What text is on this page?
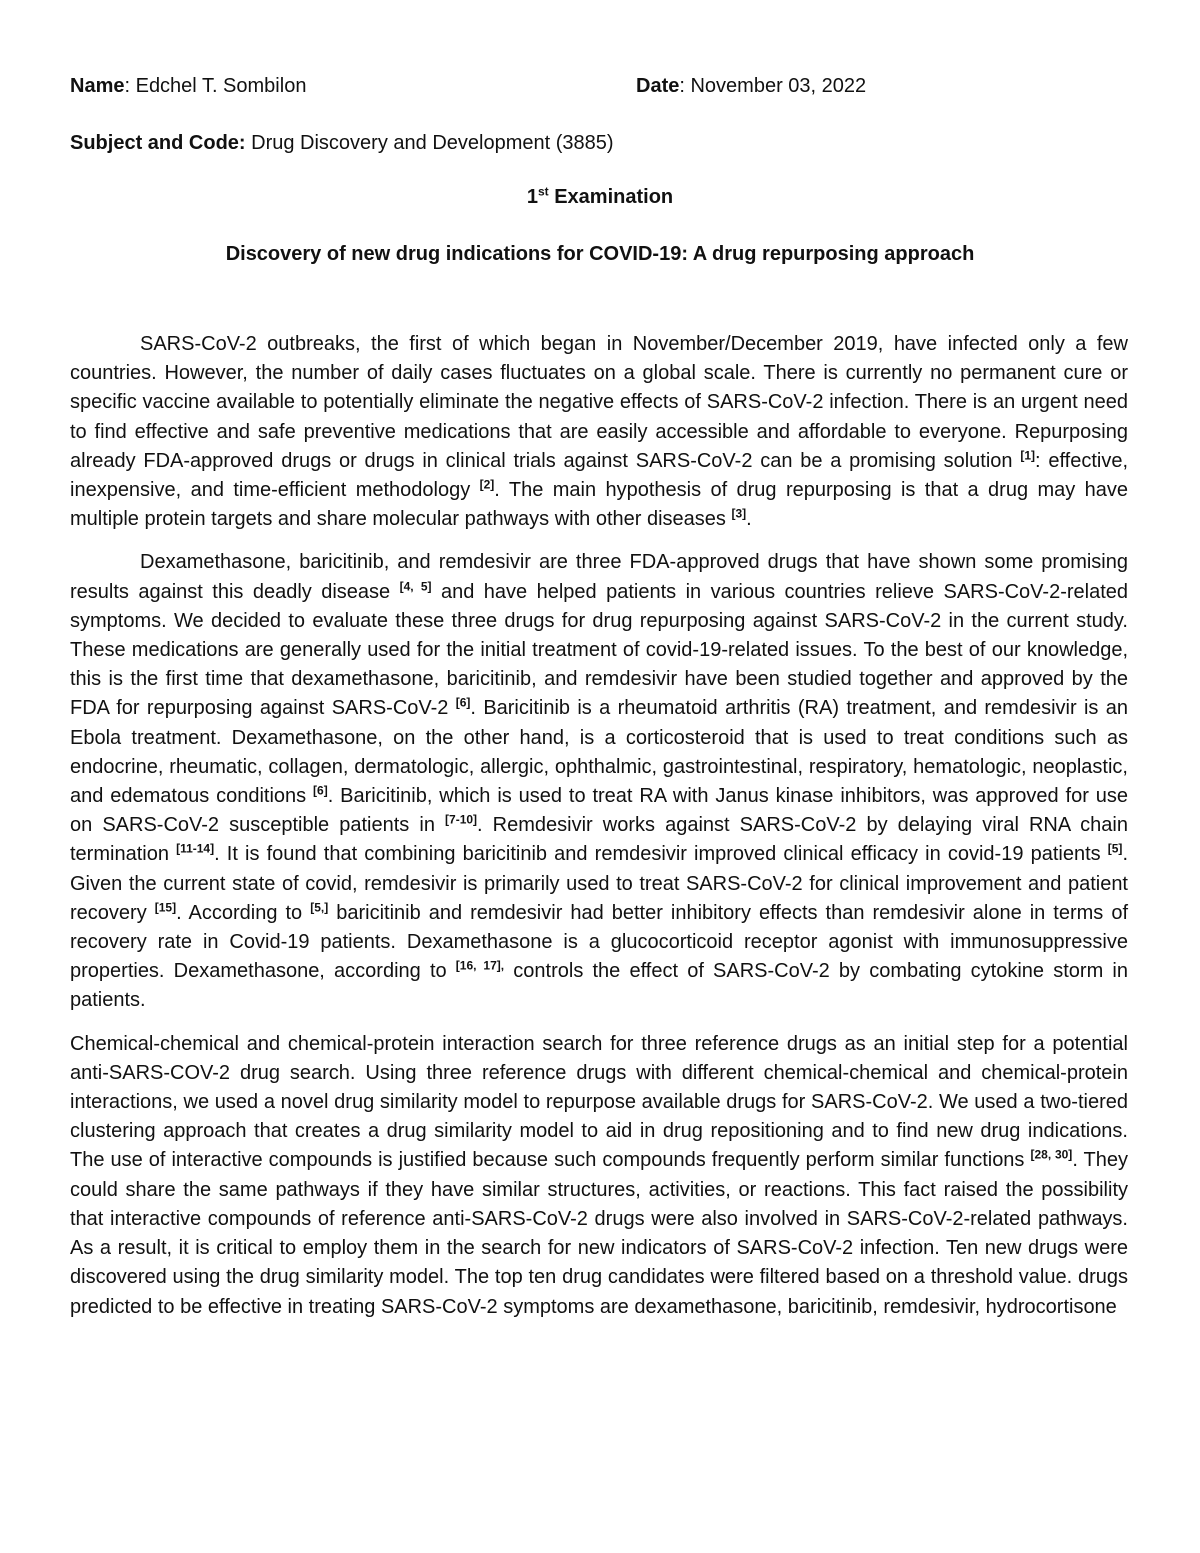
Name: Edchel T. Sombilon	Date: November 03, 2022
Subject and Code: Drug Discovery and Development (3885)
1st Examination
Discovery of new drug indications for COVID-19: A drug repurposing approach

SARS-CoV-2 outbreaks, the first of which began in November/December 2019, have infected only a few countries. However, the number of daily cases fluctuates on a global scale. There is currently no permanent cure or specific vaccine available to potentially eliminate the negative effects of SARS-CoV-2 infection. There is an urgent need to find effective and safe preventive medications that are easily accessible and affordable to everyone. Repurposing already FDA-approved drugs or drugs in clinical trials against SARS-CoV-2 can be a promising solution [1]: effective, inexpensive, and time-efficient methodology [2]. The main hypothesis of drug repurposing is that a drug may have multiple protein targets and share molecular pathways with other diseases [3].

Dexamethasone, baricitinib, and remdesivir are three FDA-approved drugs that have shown some promising results against this deadly disease [4, 5] and have helped patients in various countries relieve SARS-CoV-2-related symptoms. We decided to evaluate these three drugs for drug repurposing against SARS-CoV-2 in the current study. These medications are generally used for the initial treatment of covid-19-related issues. To the best of our knowledge, this is the first time that dexamethasone, baricitinib, and remdesivir have been studied together and approved by the FDA for repurposing against SARS-CoV-2 [6]. Baricitinib is a rheumatoid arthritis (RA) treatment, and remdesivir is an Ebola treatment. Dexamethasone, on the other hand, is a corticosteroid that is used to treat conditions such as endocrine, rheumatic, collagen, dermatologic, allergic, ophthalmic, gastrointestinal, respiratory, hematologic, neoplastic, and edematous conditions [6]. Baricitinib, which is used to treat RA with Janus kinase inhibitors, was approved for use on SARS-CoV-2 susceptible patients in [7-10]. Remdesivir works against SARS-CoV-2 by delaying viral RNA chain termination [11-14]. It is found that combining baricitinib and remdesivir improved clinical efficacy in covid-19 patients [5]. Given the current state of covid, remdesivir is primarily used to treat SARS-CoV-2 for clinical improvement and patient recovery [15]. According to [5,] baricitinib and remdesivir had better inhibitory effects than remdesivir alone in terms of recovery rate in Covid-19 patients. Dexamethasone is a glucocorticoid receptor agonist with immunosuppressive properties. Dexamethasone, according to $^{[16, 17],}$ controls the effect of SARS-CoV-2 by combating cytokine storm in patients.

Chemical-chemical and chemical-protein interaction search for three reference drugs as an initial step for a potential anti-SARS-COV-2 drug search. Using three reference drugs with different chemical-chemical and chemical-protein interactions, we used a novel drug similarity model to repurpose available drugs for SARS-CoV-2. We used a two-tiered clustering approach that creates a drug similarity model to aid in drug repositioning and to find new drug indications. The use of interactive compounds is justified because such compounds frequently perform similar functions [28, 30]. They could share the same pathways if they have similar structures, activities, or reactions. This fact raised the possibility that interactive compounds of reference anti-SARS-CoV-2 drugs were also involved in SARS-CoV-2-related pathways. As a result, it is critical to employ them in the search for new indicators of SARS-CoV-2 infection. Ten new drugs were discovered using the drug similarity model. The top ten drug candidates were filtered based on a threshold value. drugs predicted to be effective in treating SARS-CoV-2 symptoms are dexamethasone, baricitinib, remdesivir, hydrocortisone
